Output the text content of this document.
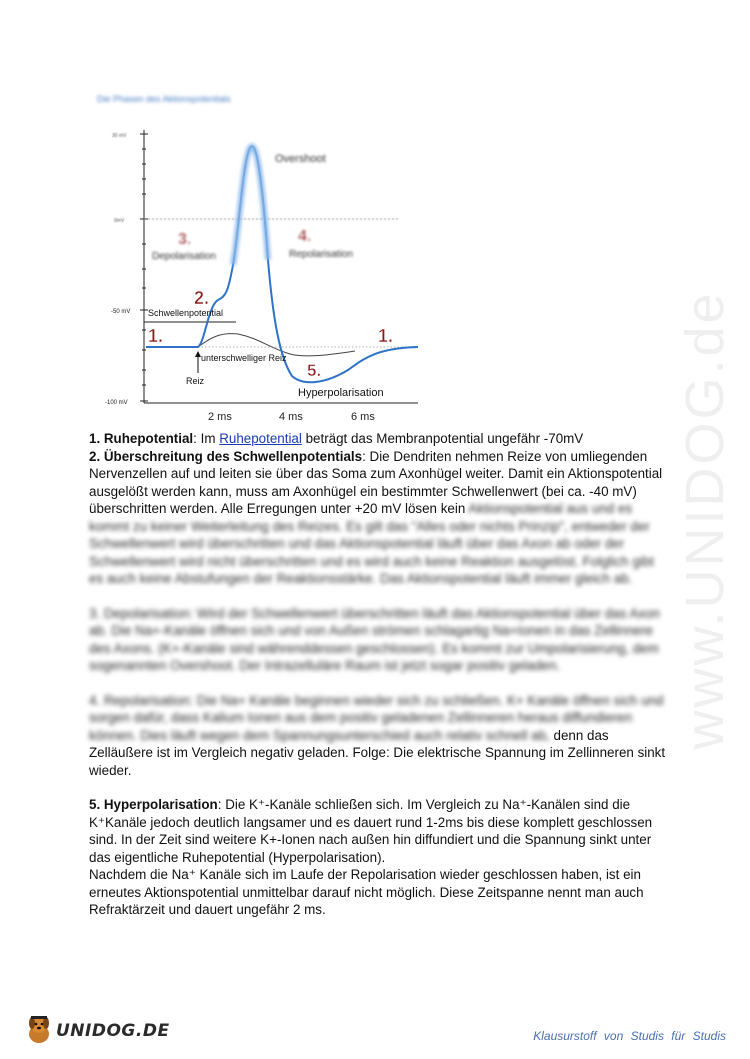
Die Phasen des Aktionspotentials
30 mV
0mV
-50 mV
-100 mV
2 ms	4 ms	6 ms
Overshoot
3.
Depolarisation
4.
Repolarisation
2.
Schwellenpotential
1.	1.
Reiz
unterschwelliger Reiz
5.
Hyperpolarisation	www.UNIDOG.de

1. Ruhepotential: Im Ruhepotential beträgt das Membranpotential ungefähr -70mV

2. Überschreitung des Schwellenpotentials: Die Dendriten nehmen Reize von umliegenden Nervenzellen auf und leiten sie über das Soma zum Axonhügel weiter. Damit ein Aktionspotential ausgelößt werden kann, muss am Axonhügel ein bestimmter Schwellenwert (bei ca. -40 mV) überschritten werden. Alle Erregungen unter +20 mV lösen kein Aktionspotential aus und es kommt zu keiner Weiterleitung des Reizes. Es gilt das "Alles oder nichts Prinzip", entweder der Schwellenwert wird überschritten und das Aktionspotential läuft über das Axon ab oder der Schwellenwert wird nicht überschritten und es wird auch keine Reaktion ausgelöst. Folglich gibt es auch keine Abstufungen der Reaktionsstärke. Das Aktionspotential läuft immer gleich ab.

3. Depolarisation: Wird der Schwellenwert überschritten läuft das Aktionspotential über das Axon ab. Die Na+-Kanäle öffnen sich und von Außen strömen schlagartig Na+Ionen in das Zellinnere des Axons. (K+-Kanäle sind währenddessen geschlossen). Es kommt zur Umpolarisierung, dem sogenannten Overshoot. Der Intrazelluläre Raum ist jetzt sogar positiv geladen.

4. Repolarisation: Die Na+ Kanäle beginnen wieder sich zu schließen. K+ Kanäle öffnen sich und sorgen dafür, dass Kalium Ionen aus dem positiv geladenen Zellinneren heraus diffundieren können. Dies läuft wegen dem Spannungsunterschied auch relativ schnell ab, denn das Zelläußere ist im Vergleich negativ geladen. Folge: Die elektrische Spannung im Zellinneren sinkt wieder.

5. Hyperpolarisation: Die K⁺-Kanäle schließen sich. Im Vergleich zu Na⁺-Kanälen sind die K⁺Kanäle jedoch deutlich langsamer und es dauert rund 1-2ms bis diese komplett geschlossen sind. In der Zeit sind weitere K+-Ionen nach außen hin diffundiert und die Spannung sinkt unter das eigentliche Ruhepotential (Hyperpolarisation).

Nachdem die Na⁺ Kanäle sich im Laufe der Repolarisation wieder geschlossen haben, ist ein erneutes Aktionspotential unmittelbar darauf nicht möglich. Diese Zeitspanne nennt man auch Refraktärzeit und dauert ungefähr 2 ms.

UNIDOG.DE	Klausurstoff von Studis für Studis
